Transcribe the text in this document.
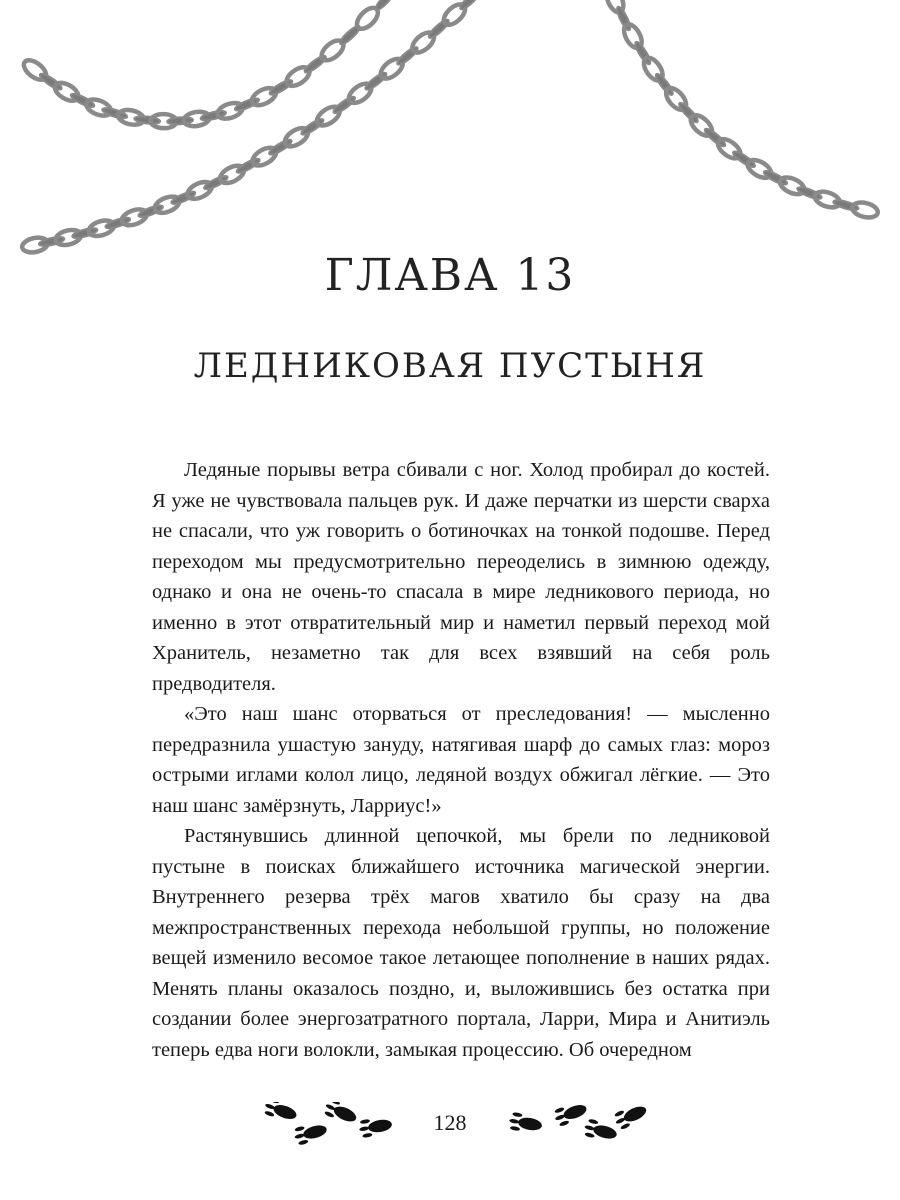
ГЛАВА 13
ЛЕДНИКОВАЯ ПУСТЫНЯ

Ледяные порывы ветра сбивали с ног. Холод пробирал до костей. Я уже не чувствовала пальцев рук. И даже перчатки из шерсти сварха не спасали, что уж говорить о ботиночках на тонкой подошве. Перед переходом мы предусмотрительно переоделись в зимнюю одежду, однако и она не очень-то спасала в мире ледникового периода, но именно в этот отвратительный мир и наметил первый переход мой Хранитель, незаметно так для всех взявший на себя роль предводителя.

«Это наш шанс оторваться от преследования! — мысленно передразнила ушастую зануду, натягивая шарф до самых глаз: мороз острыми иглами колол лицо, ледяной воздух обжигал лёгкие. — Это наш шанс замёрзнуть, Ларриус!»

Растянувшись длинной цепочкой, мы брели по ледниковой пустыне в поисках ближайшего источника магической энергии. Внутреннего резерва трёх магов хватило бы сразу на два межпространственных перехода небольшой группы, но положение вещей изменило весомое такое летающее пополнение в наших рядах. Менять планы оказалось поздно, и, выложившись без остатка при создании более энергозатратного портала, Ларри, Мира и Анитиэль теперь едва ноги волокли, замыкая процессию. Об очередном

128
